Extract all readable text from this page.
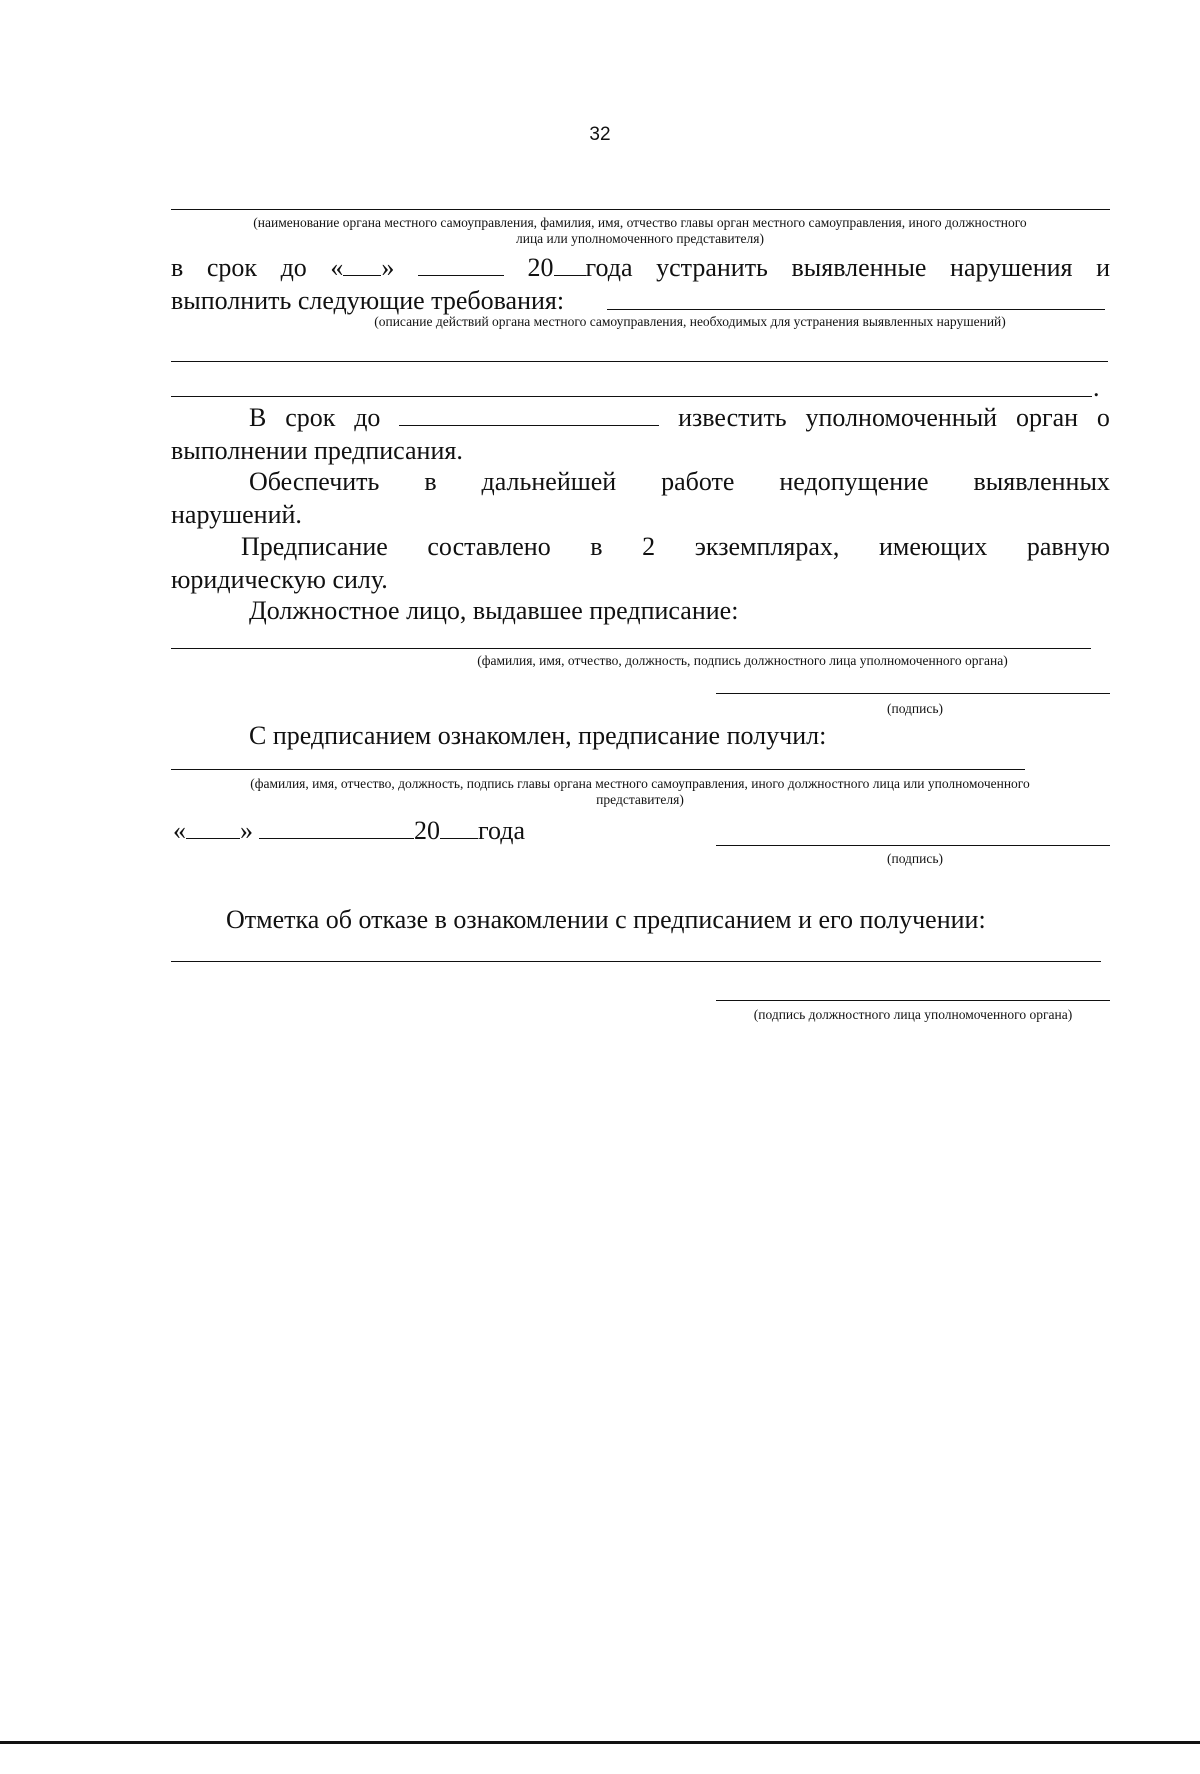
32
(наименование органа местного самоуправления, фамилия, имя, отчество главы орган местного самоуправления, иного должностного
лица или уполномоченного представителя)
в срок до « »	20 года устранить выявленные нарушения и
выполнить следующие требования:
(описание действий органа местного самоуправления, необходимых для устранения выявленных нарушений)
.
В срок до	известить уполномоченный орган о
выполнении предписания.
Обеспечить в дальнейшей работе недопущение выявленных
нарушений.
Предписание составлено в 2 экземплярах, имеющих равную
юридическую силу.
Должностное лицо, выдавшее предписание:
(фамилия, имя, отчество, должность, подпись должностного лица уполномоченного органа)
(подпись)
С предписанием ознакомлен, предписание получил:
(фамилия, имя, отчество, должность, подпись главы органа местного самоуправления, иного должностного лица или уполномоченного
представителя)
« »	20 года
(подпись)
Отметка об отказе в ознакомлении с предписанием и его получении:
(подпись должностного лица уполномоченного органа)
